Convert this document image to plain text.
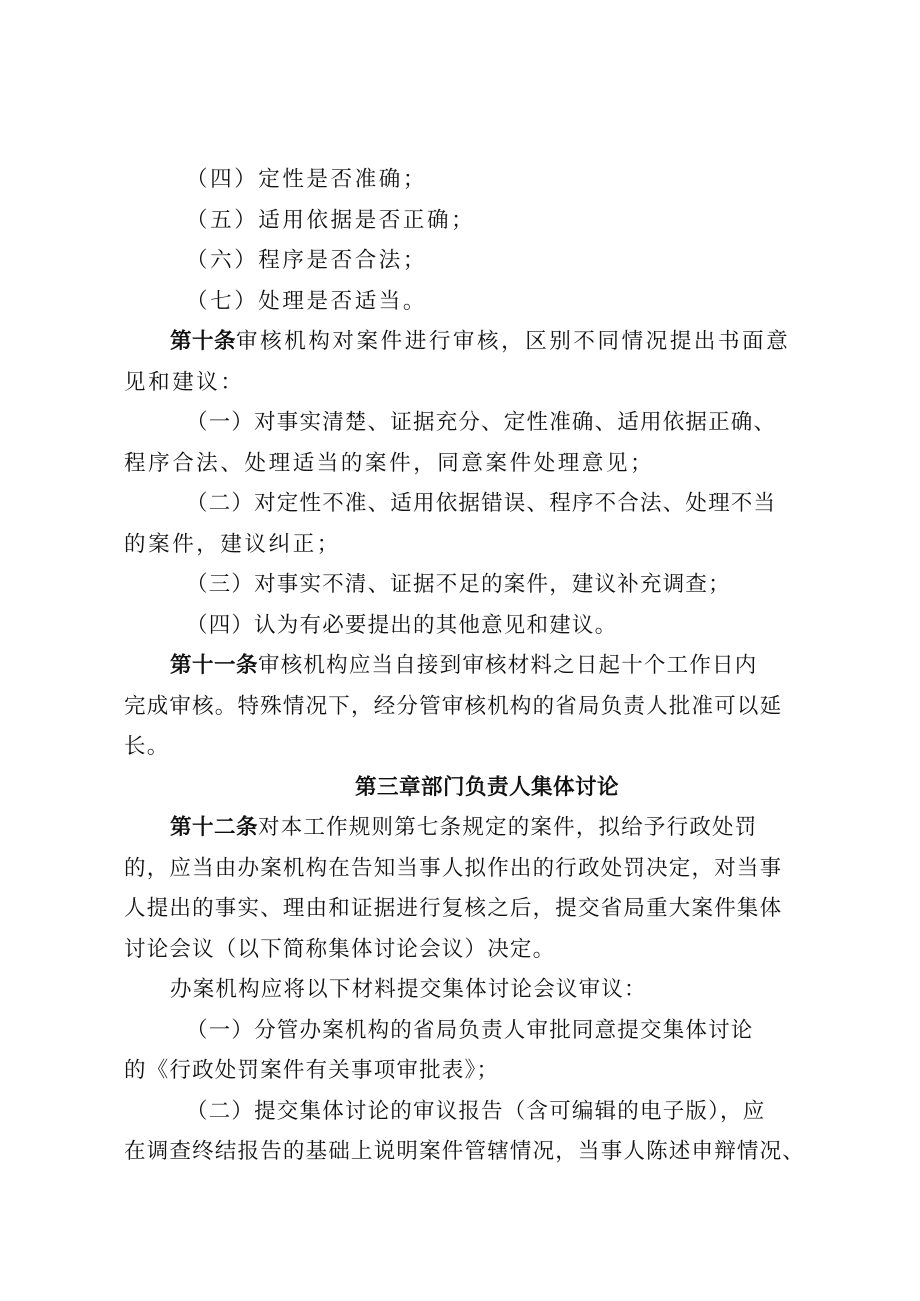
（四）定性是否准确；
（五）适用依据是否正确；
（六）程序是否合法；
（七）处理是否适当。
第十条审核机构对案件进行审核，区别不同情况提出书面意
见和建议：
（一）对事实清楚、证据充分、定性准确、适用依据正确、
程序合法、处理适当的案件，同意案件处理意见；
（二）对定性不准、适用依据错误、程序不合法、处理不当
的案件，建议纠正；
（三）对事实不清、证据不足的案件，建议补充调查；
（四）认为有必要提出的其他意见和建议。
第十一条审核机构应当自接到审核材料之日起十个工作日内
完成审核。特殊情况下，经分管审核机构的省局负责人批准可以延
长。
第三章部门负责人集体讨论
第十二条对本工作规则第七条规定的案件，拟给予行政处罚
的，应当由办案机构在告知当事人拟作出的行政处罚决定，对当事
人提出的事实、理由和证据进行复核之后，提交省局重大案件集体
讨论会议（以下简称集体讨论会议）决定。
办案机构应将以下材料提交集体讨论会议审议：
（一）分管办案机构的省局负责人审批同意提交集体讨论
的《行政处罚案件有关事项审批表》；
（二）提交集体讨论的审议报告（含可编辑的电子版），应
在调查终结报告的基础上说明案件管辖情况，当事人陈述申辩情况、
